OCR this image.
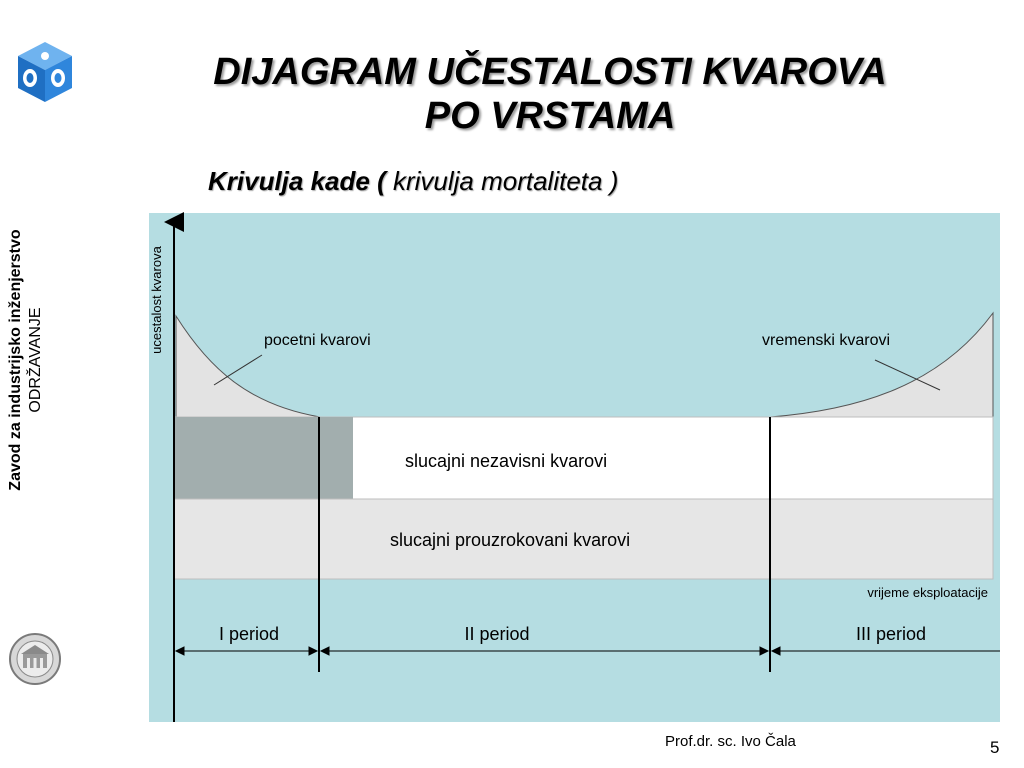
DIJAGRAM UČESTALOSTI KVAROVA
PO VRSTAMA
Krivulja kade ( krivulja mortaliteta )
Zavod za industrijsko inženjerstvo ODRŽAVANJE
ucestalost kvarova	pocetni kvarovi	vremenski kvarovi
slucajni nezavisni kvarovi
slucajni prouzrokovani kvarovi
vrijeme eksploatacije
I period	II period	III period
Prof.dr. sc. Ivo Čala	5
